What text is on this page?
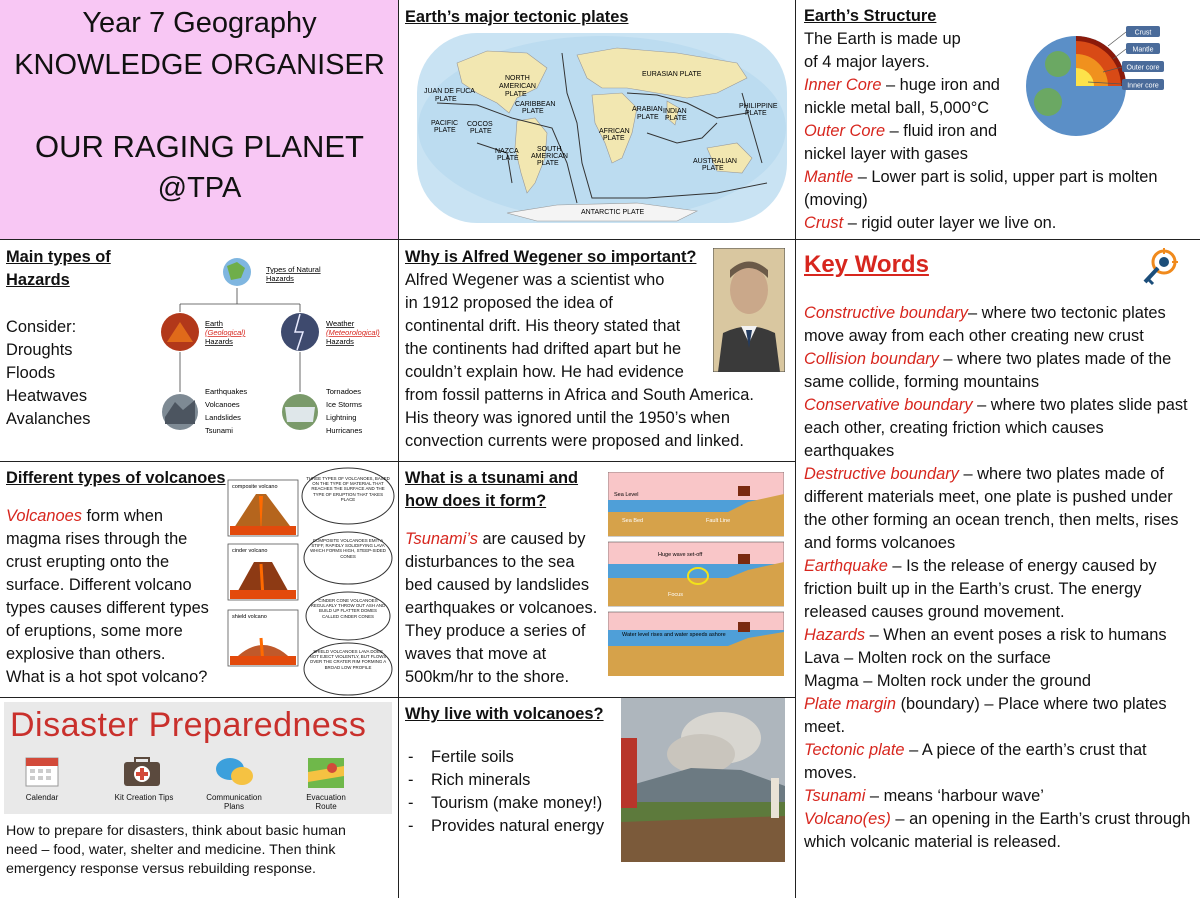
Year 7 Geography
KNOWLEDGE ORGANISER
OUR RAGING PLANET
@TPA
Earth’s major tectonic plates
NORTH
AMERICAN
PLATE
EURASIAN PLATE
JUAN DE FUCA
PLATE
CARIBBEAN
PLATE	ARABIAN
PLATE
INDIAN
PLATE
PHILIPPINE
PLATE
PACIFIC
PLATE
COCOS
PLATE	AFRICAN
PLATE
NAZCA
PLATE
SOUTH
AMERICAN
PLATE	AUSTRALIAN
PLATE
ANTARCTIC PLATE
Earth’s Structure
The Earth is made up
of 4 major layers.
Inner Core – huge iron and
nickle metal ball, 5,000°C
Outer Core – fluid iron and
nickel layer with gases
Mantle – Lower part is solid, upper part is molten
(moving)
Crust – rigid outer layer we live on.
Crust
Mantle
Outer core
Inner core
Main types of
Hazards
Consider:
Droughts
Floods
Heatwaves
Avalanches
Types of Natural
Hazards
Earth
(Geological)
Hazards
Weather
(Meteorological)
Hazards
Earthquakes
Volcanoes
Landslides
Tsunami
Tornadoes
Ice Storms
Lightning
Hurricanes
Why is Alfred Wegener so important?
Alfred Wegener was a scientist who
in 1912 proposed the idea of
continental drift. His theory stated that
the continents had drifted apart but he
couldn’t explain how. He had evidence
from fossil patterns in Africa and South America.
His theory was ignored until the 1950’s when
convection currents were proposed and linked.
Key Words
Constructive boundary– where two tectonic plates move away from each other creating new crust
Collision boundary – where two plates made of the same collide, forming mountains
Conservative boundary – where two plates slide past each other, creating friction which causes earthquakes
Destructive boundary – where two plates made of different materials meet, one plate is pushed under the other forming an ocean trench, then melts, rises and forms volcanoes
Earthquake – Is the release of energy caused by friction built up in the Earth’s crust. The energy released causes ground movement.
Hazards – When an event poses a risk to humans
Lava – Molten rock on the surface
Magma – Molten rock under the ground
Plate margin (boundary) – Place where two plates meet.
Tectonic plate – A piece of the earth’s crust that moves.
Tsunami – means ‘harbour wave’
Volcano(es) – an opening in the Earth’s crust through which volcanic material is released.
Different types of volcanoes
Volcanoes form when
magma rises through the
crust erupting onto the
surface. Different volcano
types causes different types
of eruptions, some more
explosive than others.
What is a hot spot volcano?
composite volcano
cinder volcano
shield volcano
THREE TYPES OF VOLCANOES, BASED ON THE TYPE OF MATERIAL THAT REACHES THE SURFACE AND THE TYPE OF ERUPTION THAT TAKES PLACE
COMPOSITE VOLCANOES EMIT A STIFF, RAPIDLY SOLIDIFYING LAVA WHICH FORMS HIGH, STEEP-SIDED CONES
CINDER CONE VOLCANOES REGULARLY THROW OUT ASH AND BUILD UP FLATTER DOMES CALLED CINDER CONES
SHIELD VOLCANOES LAVA DOES NOT EJECT VIOLENTLY, BUT FLOWS OVER THE CRATER RIM FORMING A BROAD LOW PROFILE
What is a tsunami and
how does it form?
Tsunami’s are caused by
disturbances to the sea
bed caused by landslides
earthquakes or volcanoes.
They produce a series of
waves that move at
500km/hr to the shore.
Sea Level
Sea Bed	Fault Line
Huge wave set-off
Focus
Water level rises and water speeds ashore
Disaster Preparedness
Calendar	Kit Creation Tips	Communication Plans
Evacuation Route
How to prepare for disasters, think about basic human
need – food, water, shelter and medicine. Then think
emergency response versus rebuilding response.
Why live with volcanoes?
- Fertile soils
- Rich minerals
- Tourism (make money!)
- Provides natural energy
